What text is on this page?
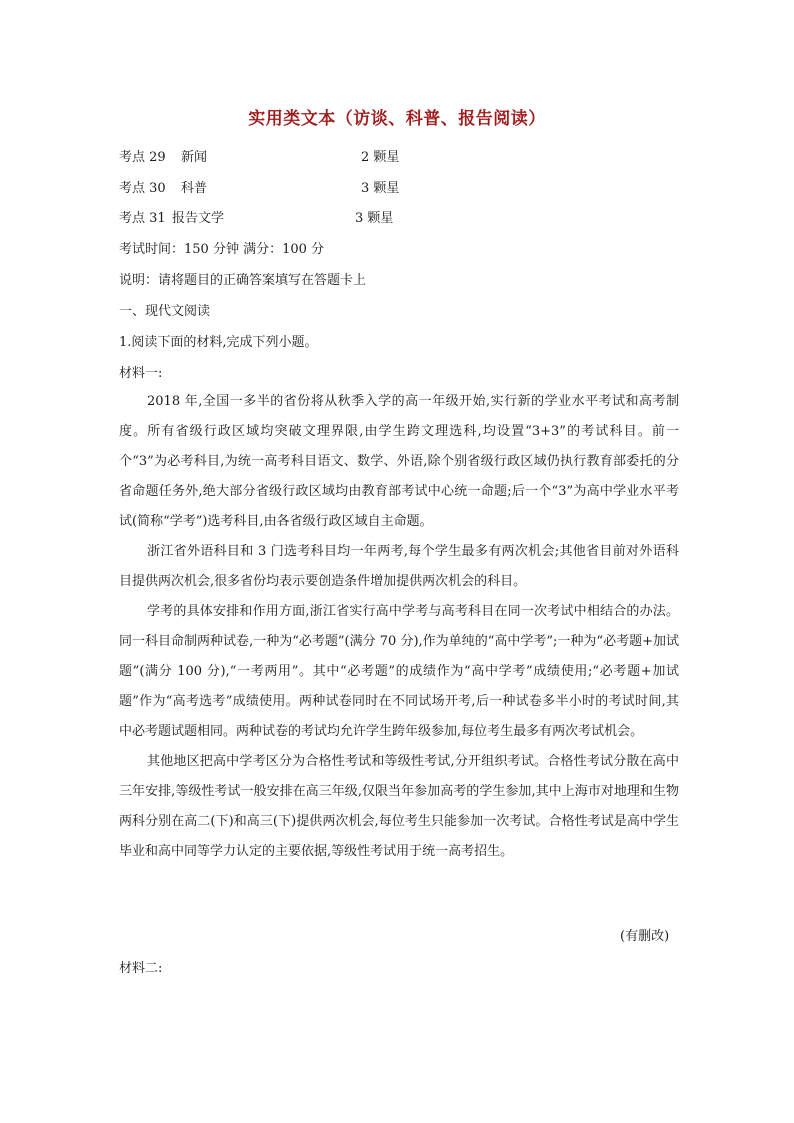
实用类文本（访谈、科普、报告阅读）
考点 29 新闻	2 颗星
考点 30 科普	3 颗星
考点 31 报告文学	3 颗星
考试时间：150 分钟 满分：100 分
说明：请将题目的正确答案填写在答题卡上
一、现代文阅读
1.阅读下面的材料,完成下列小题。
材料一:

2018 年,全国一多半的省份将从秋季入学的高一年级开始,实行新的学业水平考试和高考制度。所有省级行政区域均突破文理界限,由学生跨文理选科,均设置“3+3”的考试科目。前一个“3”为必考科目,为统一高考科目语文、数学、外语,除个别省级行政区域仍执行教育部委托的分省命题任务外,绝大部分省级行政区域均由教育部考试中心统一命题;后一个“3”为高中学业水平考试(简称“学考”)选考科目,由各省级行政区域自主命题。

浙江省外语科目和 3 门选考科目均一年两考,每个学生最多有两次机会;其他省目前对外语科目提供两次机会,很多省份均表示要创造条件增加提供两次机会的科目。

学考的具体安排和作用方面,浙江省实行高中学考与高考科目在同一次考试中相结合的办法。同一科目命制两种试卷,一种为“必考题”(满分 70 分),作为单纯的“高中学考”;一种为“必考题+加试题”(满分 100 分),“一考两用”。其中“必考题”的成绩作为“高中学考”成绩使用;“必考题+加试题”作为“高考选考”成绩使用。两种试卷同时在不同试场开考,后一种试卷多半小时的考试时间,其中必考题试题相同。两种试卷的考试均允许学生跨年级参加,每位考生最多有两次考试机会。

其他地区把高中学考区分为合格性考试和等级性考试,分开组织考试。合格性考试分散在高中三年安排,等级性考试一般安排在高三年级,仅限当年参加高考的学生参加,其中上海市对地理和生物两科分别在高二(下)和高三(下)提供两次机会,每位考生只能参加一次考试。合格性考试是高中学生毕业和高中同等学力认定的主要依据,等级性考试用于统一高考招生。

(有删改)
材料二:
